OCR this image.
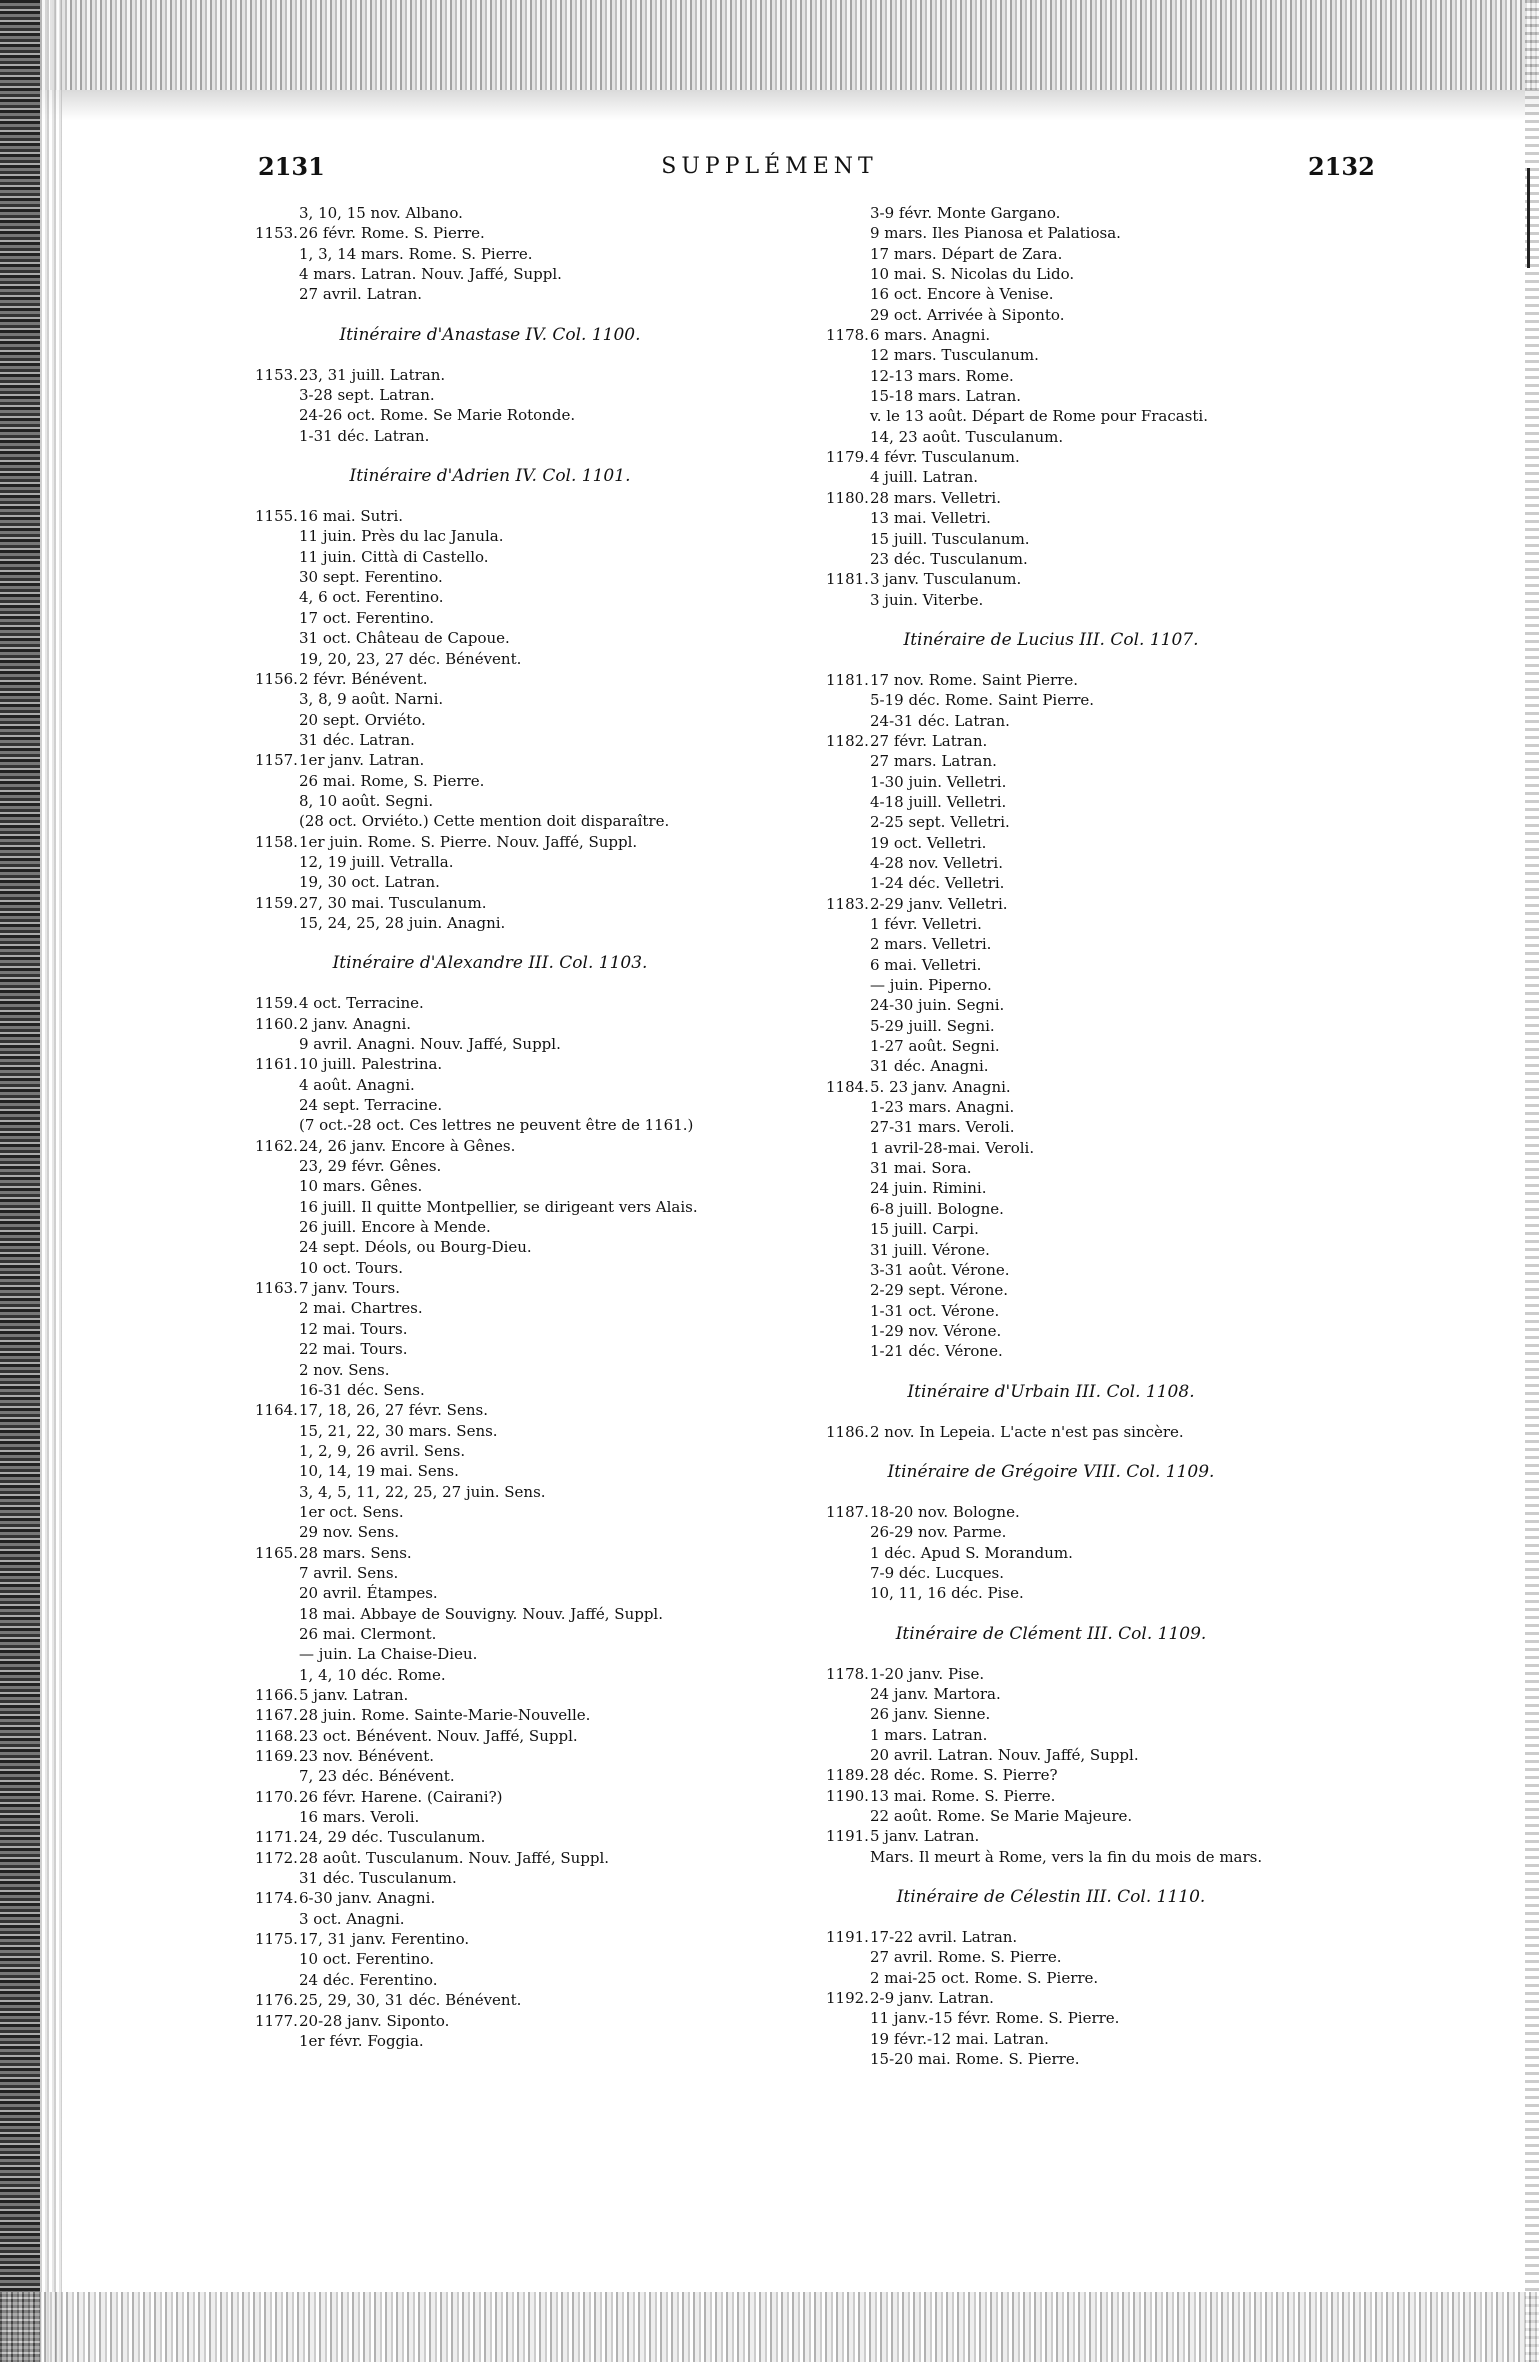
2131	SUPPLÉMENT	2132
3, 10, 15 nov. Albano.
1153.26 févr. Rome. S. Pierre.
1, 3, 14 mars. Rome. S. Pierre.
4 mars. Latran. Nouv. Jaffé, Suppl.
27 avril. Latran.
Itinéraire d'Anastase IV. Col. 1100.
1153.23, 31 juill. Latran.
3-28 sept. Latran.
24-26 oct. Rome. Se Marie Rotonde.
1-31 déc. Latran.
Itinéraire d'Adrien IV. Col. 1101.
1155.16 mai. Sutri.
11 juin. Près du lac Janula.
11 juin. Città di Castello.
30 sept. Ferentino.
4, 6 oct. Ferentino.
17 oct. Ferentino.
31 oct. Château de Capoue.
19, 20, 23, 27 déc. Bénévent.
1156.2 févr. Bénévent.
3, 8, 9 août. Narni.
20 sept. Orviéto.
31 déc. Latran.
1157.1er janv. Latran.
26 mai. Rome, S. Pierre.
8, 10 août. Segni.
(28 oct. Orviéto.) Cette mention doit disparaître.
1158.1er juin. Rome. S. Pierre. Nouv. Jaffé, Suppl.
12, 19 juill. Vetralla.
19, 30 oct. Latran.
1159.27, 30 mai. Tusculanum.
15, 24, 25, 28 juin. Anagni.
Itinéraire d'Alexandre III. Col. 1103.
1159.4 oct. Terracine.
1160.2 janv. Anagni.
9 avril. Anagni. Nouv. Jaffé, Suppl.
1161.10 juill. Palestrina.
4 août. Anagni.
24 sept. Terracine.
(7 oct.-28 oct. Ces lettres ne peuvent être de 1161.)
1162.24, 26 janv. Encore à Gênes.
23, 29 févr. Gênes.
10 mars. Gênes.
16 juill. Il quitte Montpellier, se dirigeant vers Alais.
26 juill. Encore à Mende.
24 sept. Déols, ou Bourg-Dieu.
10 oct. Tours.
1163.7 janv. Tours.
2 mai. Chartres.
12 mai. Tours.
22 mai. Tours.
2 nov. Sens.
16-31 déc. Sens.
1164.17, 18, 26, 27 févr. Sens.
15, 21, 22, 30 mars. Sens.
1, 2, 9, 26 avril. Sens.
10, 14, 19 mai. Sens.
3, 4, 5, 11, 22, 25, 27 juin. Sens.
1er oct. Sens.
29 nov. Sens.
1165.28 mars. Sens.
7 avril. Sens.
20 avril. Étampes.
18 mai. Abbaye de Souvigny. Nouv. Jaffé, Suppl.
26 mai. Clermont.
— juin. La Chaise-Dieu.
1, 4, 10 déc. Rome.
1166.5 janv. Latran.
1167.28 juin. Rome. Sainte-Marie-Nouvelle.
1168.23 oct. Bénévent. Nouv. Jaffé, Suppl.
1169.23 nov. Bénévent.
7, 23 déc. Bénévent.
1170.26 févr. Harene. (Cairani?)
16 mars. Veroli.
1171.24, 29 déc. Tusculanum.
1172.28 août. Tusculanum. Nouv. Jaffé, Suppl.
31 déc. Tusculanum.
1174.6-30 janv. Anagni.
3 oct. Anagni.
1175.17, 31 janv. Ferentino.
10 oct. Ferentino.
24 déc. Ferentino.
1176.25, 29, 30, 31 déc. Bénévent.
1177.20-28 janv. Siponto.
1er févr. Foggia.
3-9 févr. Monte Gargano.
9 mars. Iles Pianosa et Palatiosa.
17 mars. Départ de Zara.
10 mai. S. Nicolas du Lido.
16 oct. Encore à Venise.
29 oct. Arrivée à Siponto.
1178.6 mars. Anagni.
12 mars. Tusculanum.
12-13 mars. Rome.
15-18 mars. Latran.
v. le 13 août. Départ de Rome pour Fracasti.
14, 23 août. Tusculanum.
1179.4 févr. Tusculanum.
4 juill. Latran.
1180.28 mars. Velletri.
13 mai. Velletri.
15 juill. Tusculanum.
23 déc. Tusculanum.
1181.3 janv. Tusculanum.
3 juin. Viterbe.
Itinéraire de Lucius III. Col. 1107.
1181.17 nov. Rome. Saint Pierre.
5-19 déc. Rome. Saint Pierre.
24-31 déc. Latran.
1182.27 févr. Latran.
27 mars. Latran.
1-30 juin. Velletri.
4-18 juill. Velletri.
2-25 sept. Velletri.
19 oct. Velletri.
4-28 nov. Velletri.
1-24 déc. Velletri.
1183.2-29 janv. Velletri.
1 févr. Velletri.
2 mars. Velletri.
6 mai. Velletri.
— juin. Piperno.
24-30 juin. Segni.
5-29 juill. Segni.
1-27 août. Segni.
31 déc. Anagni.
1184.5. 23 janv. Anagni.
1-23 mars. Anagni.
27-31 mars. Veroli.
1 avril-28-mai. Veroli.
31 mai. Sora.
24 juin. Rimini.
6-8 juill. Bologne.
15 juill. Carpi.
31 juill. Vérone.
3-31 août. Vérone.
2-29 sept. Vérone.
1-31 oct. Vérone.
1-29 nov. Vérone.
1-21 déc. Vérone.
Itinéraire d'Urbain III. Col. 1108.
1186.2 nov. In Lepeia. L'acte n'est pas sincère.
Itinéraire de Grégoire VIII. Col. 1109.
1187.18-20 nov. Bologne.
26-29 nov. Parme.
1 déc. Apud S. Morandum.
7-9 déc. Lucques.
10, 11, 16 déc. Pise.
Itinéraire de Clément III. Col. 1109.
1178.1-20 janv. Pise.
24 janv. Martora.
26 janv. Sienne.
1 mars. Latran.
20 avril. Latran. Nouv. Jaffé, Suppl.
1189.28 déc. Rome. S. Pierre?
1190.13 mai. Rome. S. Pierre.
22 août. Rome. Se Marie Majeure.
1191.5 janv. Latran.
Mars. Il meurt à Rome, vers la fin du mois de mars.
Itinéraire de Célestin III. Col. 1110.
1191.17-22 avril. Latran.
27 avril. Rome. S. Pierre.
2 mai-25 oct. Rome. S. Pierre.
1192.2-9 janv. Latran.
11 janv.-15 févr. Rome. S. Pierre.
19 févr.-12 mai. Latran.
15-20 mai. Rome. S. Pierre.
